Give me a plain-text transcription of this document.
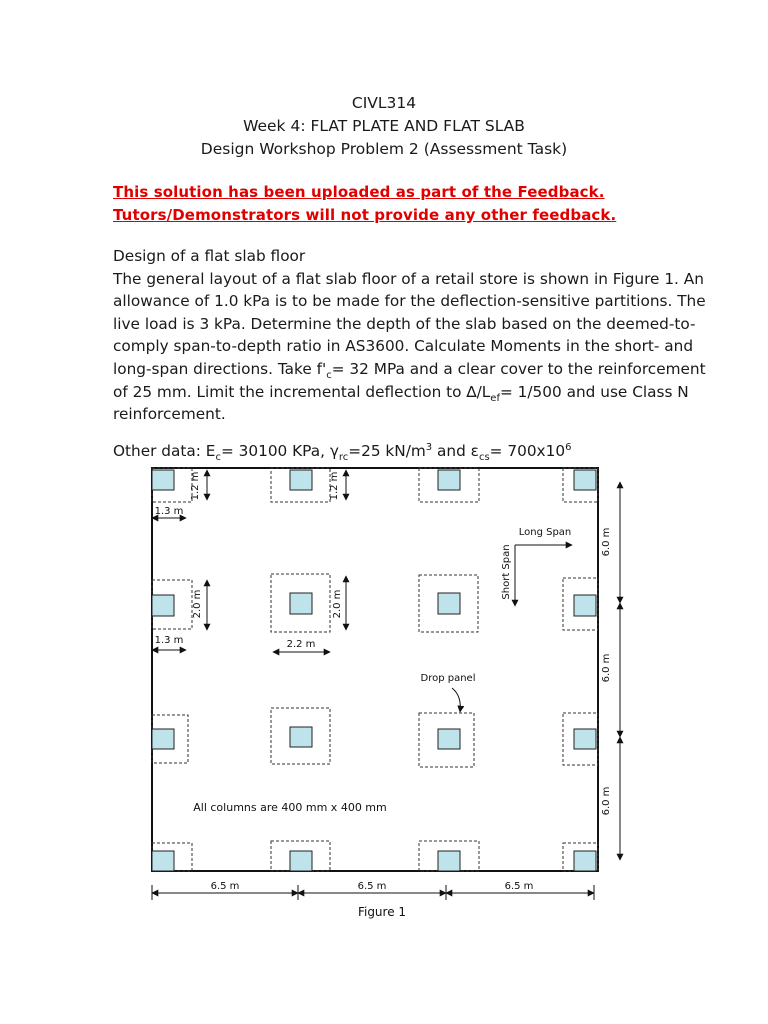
CIVL314
Week 4: FLAT PLATE AND FLAT SLAB
Design Workshop Problem 2 (Assessment Task)
This solution has been uploaded as part of the Feedback.
Tutors/Demonstrators will not provide any other feedback.
Design of a flat slab floor
The general layout of a flat slab floor of a retail store is shown in Figure 1. An
allowance of 1.0 kPa is to be made for the deflection-sensitive partitions. The
live load is 3 kPa. Determine the depth of the slab based on the deemed-to-
comply span-to-depth ratio in AS3600. Calculate Moments in the short- and
long-span directions. Take $f'_c= 32$ MPa and a clear cover to the reinforcement
of 25 mm. Limit the incremental deflection to $\Delta/L_{ef}= 1/500$ and use Class N
reinforcement.
Other data: $E_c= 30100$ KPa, $\gamma_{rc}=25$ $kN/m^3$ and $\varepsilon_{cs}= 700x10^6$
1.2 m	1.2 m
1.3 m
2.0 m	2.0 m
1.3 m	2.2 m
Long Span
Short Span
Drop panel
6.0 m
6.0 m
6.0 m
6.5 m	6.5 m	6.5 m
All columns are 400 mm x 400 mm
Figure 1
